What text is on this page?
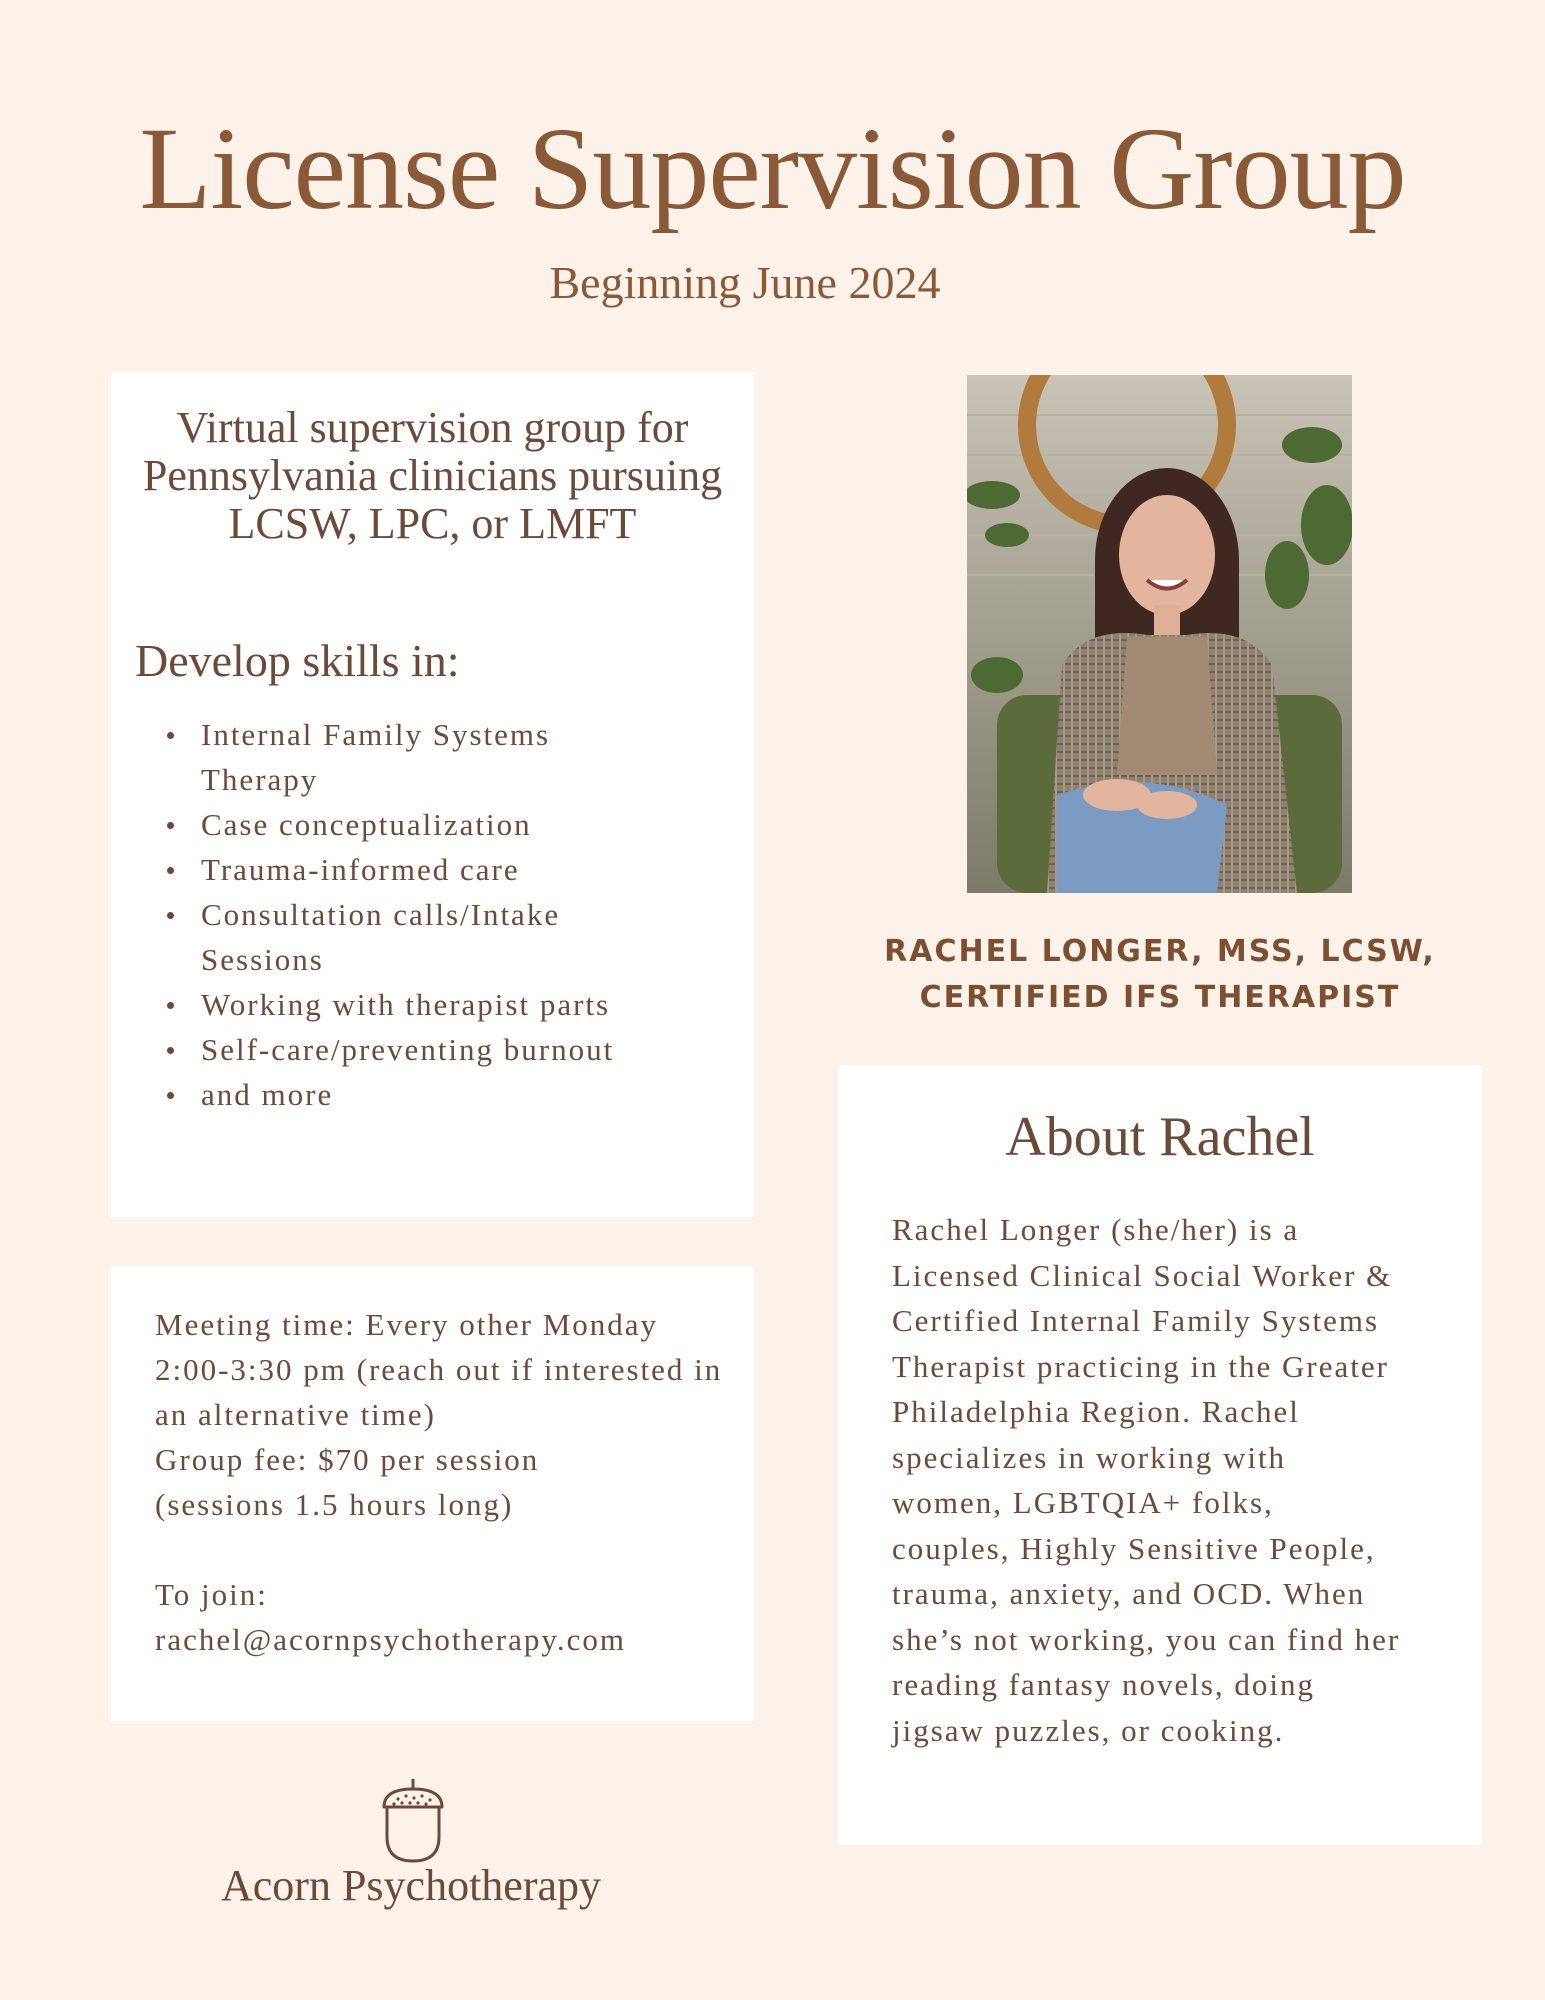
License Supervision Group
Beginning June 2024
Virtual supervision group for
Pennsylvania clinicians pursuing
LCSW, LPC, or LMFT
Develop skills in:
Internal Family Systems Therapy
Case conceptualization
Trauma-informed care
Consultation calls/Intake Sessions
Working with therapist parts
Self-care/preventing burnout
and more

Meeting time: Every other Monday 2:00-3:30 pm (reach out if interested in an alternative time)

Group fee: $70 per session (sessions 1.5 hours long)

To join:

rachel@acornpsychotherapy.com

RACHEL LONGER, MSS, LCSW,
CERTIFIED IFS THERAPIST
About Rachel
Rachel Longer (she/her) is a
Licensed Clinical Social Worker &
Certified Internal Family Systems
Therapist practicing in the Greater
Philadelphia Region. Rachel
specializes in working with
women, LGBTQIA+ folks,
couples, Highly Sensitive People,
trauma, anxiety, and OCD. When
she’s not working, you can find her
reading fantasy novels, doing
jigsaw puzzles, or cooking.
Acorn Psychotherapy
